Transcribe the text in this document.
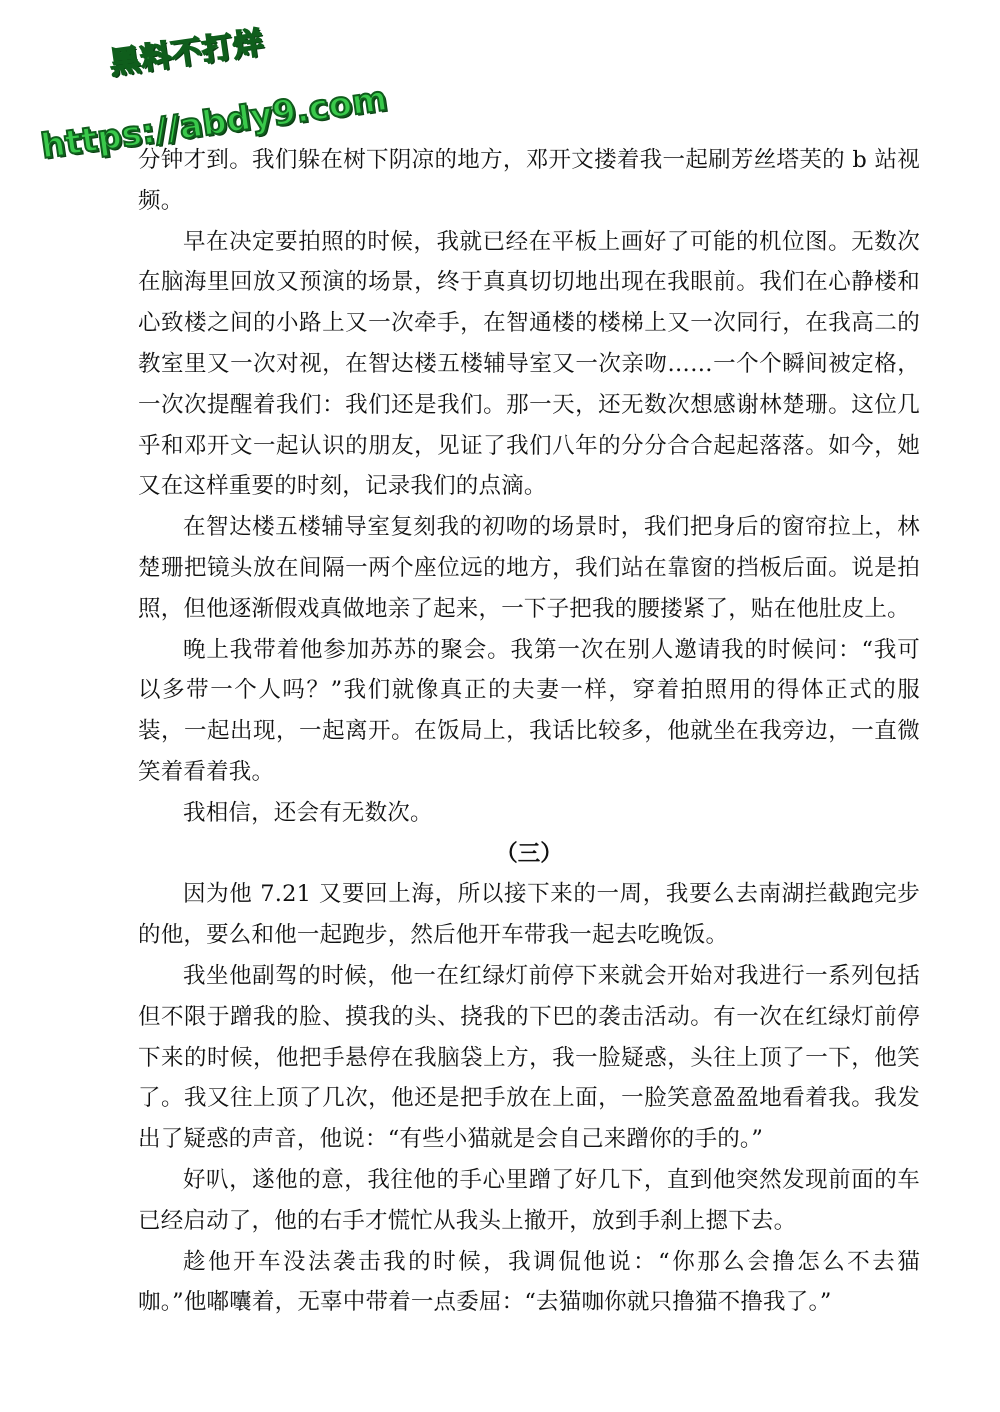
黑料不打烊
https://abdy9.com

分钟才到。我们躲在树下阴凉的地方，邓开文搂着我一起刷芳丝塔芙的 b 站视频。

早在决定要拍照的时候，我就已经在平板上画好了可能的机位图。无数次在脑海里回放又预演的场景，终于真真切切地出现在我眼前。我们在心静楼和心致楼之间的小路上又一次牵手，在智通楼的楼梯上又一次同行，在我高二的教室里又一次对视，在智达楼五楼辅导室又一次亲吻……一个个瞬间被定格，一次次提醒着我们：我们还是我们。那一天，还无数次想感谢林楚珊。这位几乎和邓开文一起认识的朋友，见证了我们八年的分分合合起起落落。如今，她又在这样重要的时刻，记录我们的点滴。

在智达楼五楼辅导室复刻我的初吻的场景时，我们把身后的窗帘拉上，林楚珊把镜头放在间隔一两个座位远的地方，我们站在靠窗的挡板后面。说是拍照，但他逐渐假戏真做地亲了起来，一下子把我的腰搂紧了，贴在他肚皮上。

晚上我带着他参加苏苏的聚会。我第一次在别人邀请我的时候问：“我可以多带一个人吗？”我们就像真正的夫妻一样，穿着拍照用的得体正式的服装，一起出现，一起离开。在饭局上，我话比较多，他就坐在我旁边，一直微笑着看着我。

我相信，还会有无数次。

（三）

因为他 7.21 又要回上海，所以接下来的一周，我要么去南湖拦截跑完步的他，要么和他一起跑步，然后他开车带我一起去吃晚饭。

我坐他副驾的时候，他一在红绿灯前停下来就会开始对我进行一系列包括但不限于蹭我的脸、摸我的头、挠我的下巴的袭击活动。有一次在红绿灯前停下来的时候，他把手悬停在我脑袋上方，我一脸疑惑，头往上顶了一下，他笑了。我又往上顶了几次，他还是把手放在上面，一脸笑意盈盈地看着我。我发出了疑惑的声音，他说：“有些小猫就是会自己来蹭你的手的。”

好叭，遂他的意，我往他的手心里蹭了好几下，直到他突然发现前面的车已经启动了，他的右手才慌忙从我头上撤开，放到手刹上摁下去。

趁他开车没法袭击我的时候，我调侃他说：“你那么会撸怎么不去猫咖。”他嘟囔着，无辜中带着一点委屈：“去猫咖你就只撸猫不撸我了。”
